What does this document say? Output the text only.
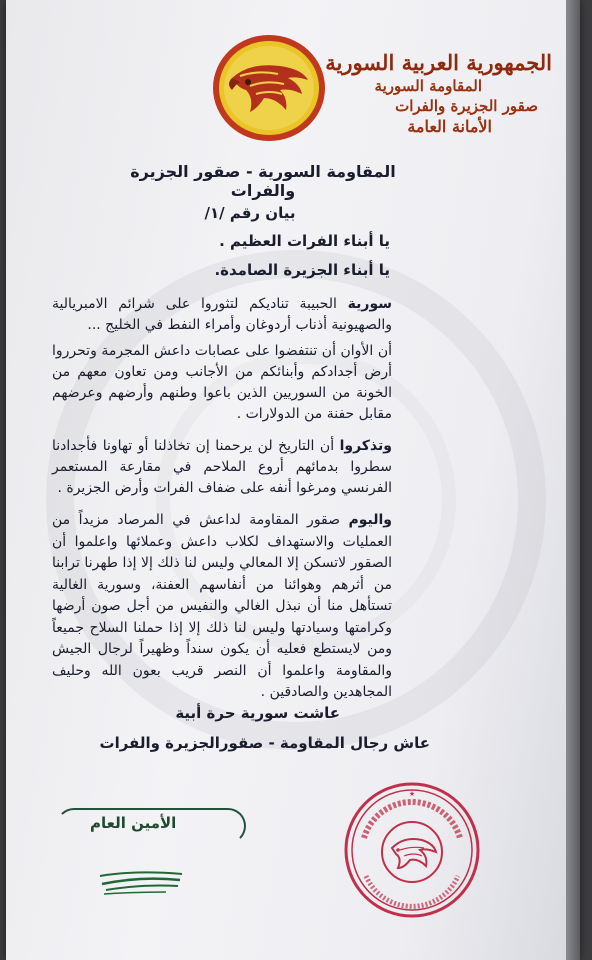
الجمهورية العربية السورية
المقاومة السورية
صقور الجزيرة والفرات
الأمانة العامة
المقاومة السورية - صقور الجزيرة والفرات
بيان رقم /١/
يا أبناء الفرات العظيم .
يا أبناء الجزيرة الصامدة.
سورية الحبيبة تناديكم لتثوروا على شرائم الامبريالية والصهيونية أذناب أردوغان وأمراء النفط في الخليج ...
أن الأوان أن تنتفضوا على عصابات داعش المجرمة وتحرروا أرض أجدادكم وأبنائكم من الأجانب ومن تعاون معهم من الخونة من السوريين الذين باعوا وطنهم وأرضهم وعرضهم مقابل حفنة من الدولارات .
وتذكروا أن التاريخ لن يرحمنا إن تخاذلنا أو تهاونا فأجدادنا سطروا بدمائهم أروع الملاحم في مقارعة المستعمر الفرنسي ومرغوا أنفه على ضفاف الفرات وأرض الجزيرة .
واليوم صقور المقاومة لداعش في المرصاد مزيداً من العمليات والاستهداف لكلاب داعش وعملائها واعلموا أن الصقور لاتسكن إلا المعالي وليس لنا ذلك إلا إذا طهرنا ترابنا من أثرهم وهوائنا من أنفاسهم العفنة، وسورية الغالية تستأهل منا أن نبذل الغالي والنفيس من أجل صون أرضها وكرامتها وسيادتها وليس لنا ذلك إلا إذا حملنا السلاح جميعاً ومن لايستطع فعليه أن يكون سنداً وظهيراً لرجال الجيش والمقاومة واعلموا أن النصر قريب بعون الله وحليف المجاهدين والصادقين .
عاشت سورية حرة أبية
عاش رجال المقاومة - صقورالجزيرة والفرات
الأمين العام
★
